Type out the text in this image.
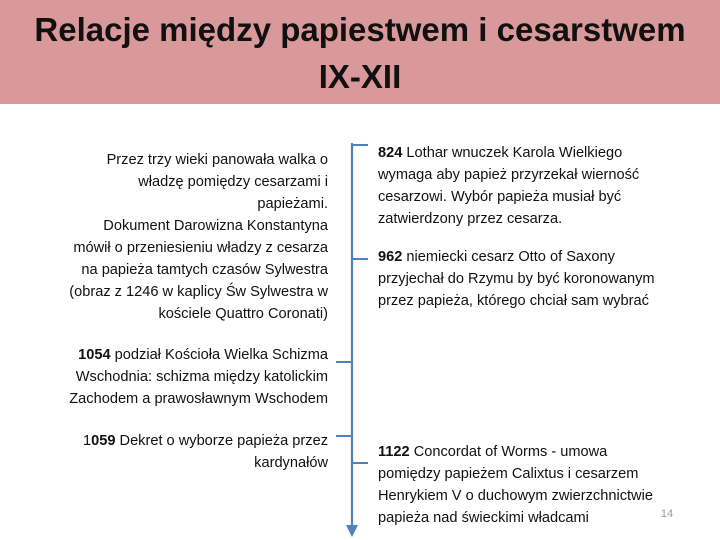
Relacje między papiestwem i cesarstwem
IX-XII
Przez trzy wieki panowała walka o
władzę pomiędzy cesarzami i
papieżami.
Dokument Darowizna Konstantyna
mówił o przeniesieniu władzy z cesarza
na papieża tamtych czasów Sylwestra
(obraz z 1246 w kaplicy Św Sylwestra w
kościele Quattro Coronati)
1054 podział Kościoła Wielka Schizma
Wschodnia: schizma między katolickim
Zachodem a prawosławnym Wschodem
1059 Dekret o wyborze papieża przez
kardynałów
824 Lothar wnuczek Karola Wielkiego
wymaga aby papież przyrzekał wierność
cesarzowi. Wybór papieża musiał być
zatwierdzony przez cesarza.
962 niemiecki cesarz Otto of Saxony
przyjechał do Rzymu by być koronowanym
przez papieża, którego chciał sam wybrać
1122 Concordat of Worms - umowa
pomiędzy papieżem Calixtus i cesarzem
Henrykiem V o duchowym zwierzchnictwie
papieża nad świeckimi władcami	14
